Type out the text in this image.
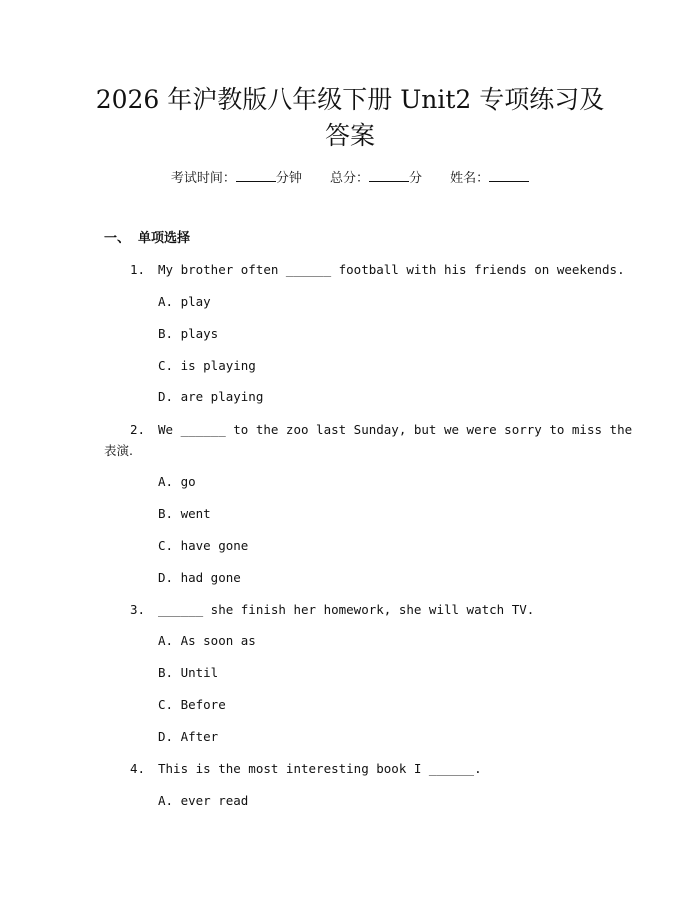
2026 年沪教版八年级下册 Unit2 专项练习及
答案
考试时间：	分钟 总分：	分 姓名：
一、 单项选择
1. My brother often ______ football with his friends on weekends.
A. play
B. plays
C. is playing
D. are playing
2. We ______ to the zoo last Sunday, but we were sorry to miss the
表演.
A. go
B. went
C. have gone
D. had gone
3. ______ she finish her homework, she will watch TV.
A. As soon as
B. Until
C. Before
D. After
4. This is the most interesting book I ______.
A. ever read
